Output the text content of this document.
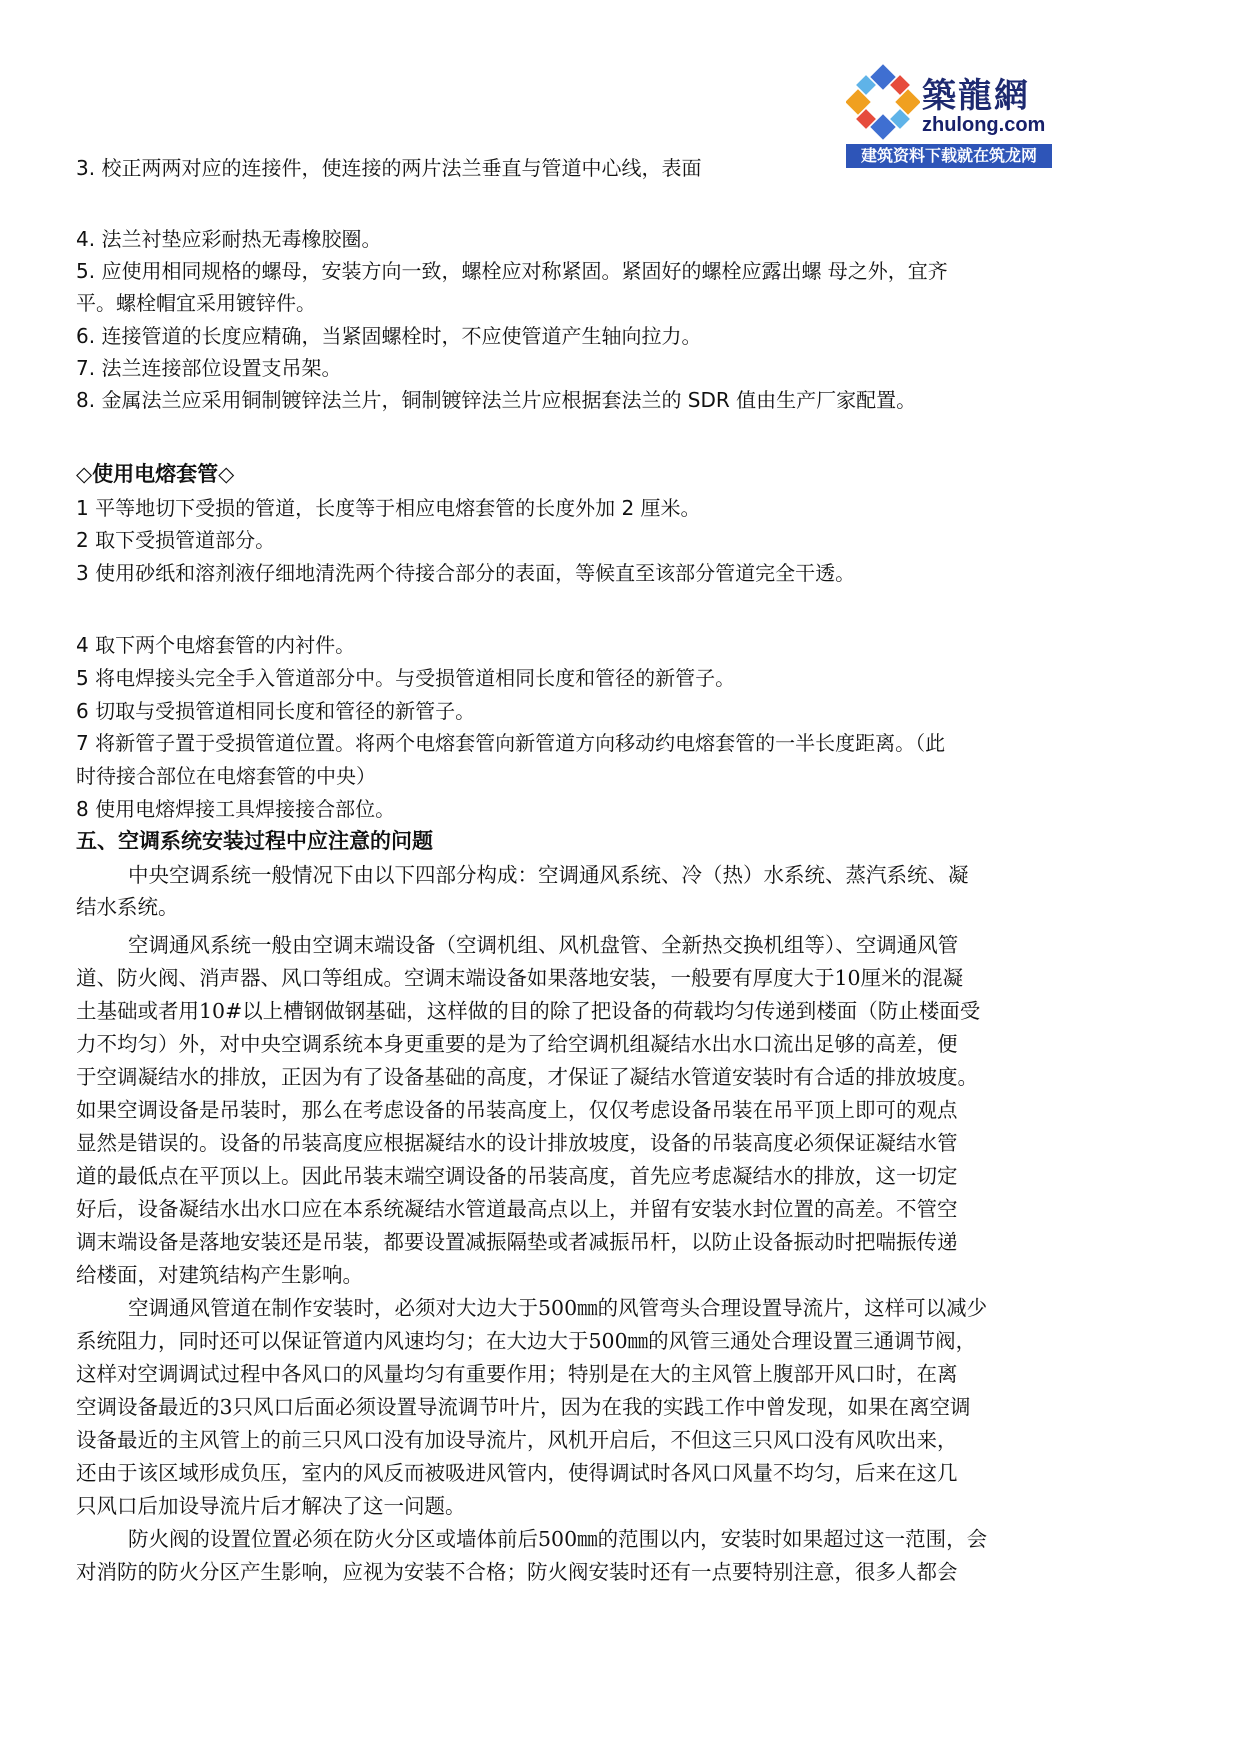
築龍網
zhulong.com
建筑资料下载就在筑龙网
3. 校正两两对应的连接件，使连接的两片法兰垂直与管道中心线，表面
4. 法兰衬垫应彩耐热无毒橡胶圈。
5. 应使用相同规格的螺母，安装方向一致，螺栓应对称紧固。紧固好的螺栓应露出螺 母之外，宜齐
平。螺栓帽宜采用镀锌件。
6. 连接管道的长度应精确，当紧固螺栓时，不应使管道产生轴向拉力。
7. 法兰连接部位设置支吊架。
8. 金属法兰应采用铜制镀锌法兰片，铜制镀锌法兰片应根据套法兰的 SDR 值由生产厂家配置。
◇使用电熔套管◇
1 平等地切下受损的管道，长度等于相应电熔套管的长度外加 2 厘米。
2 取下受损管道部分。
3 使用砂纸和溶剂液仔细地清洗两个待接合部分的表面，等候直至该部分管道完全干透。
4 取下两个电熔套管的内衬件。
5 将电焊接头完全手入管道部分中。与受损管道相同长度和管径的新管子。
6 切取与受损管道相同长度和管径的新管子。
7 将新管子置于受损管道位置。将两个电熔套管向新管道方向移动约电熔套管的一半长度距离。（此
时待接合部位在电熔套管的中央）
8 使用电熔焊接工具焊接接合部位。
五、空调系统安装过程中应注意的问题
中央空调系统一般情况下由以下四部分构成：空调通风系统、冷（热）水系统、蒸汽系统、凝
结水系统。
空调通风系统一般由空调末端设备（空调机组、风机盘管、全新热交换机组等）、空调通风管
道、防火阀、消声器、风口等组成。空调末端设备如果落地安装，一般要有厚度大于10厘米的混凝
土基础或者用10#以上槽钢做钢基础，这样做的目的除了把设备的荷载均匀传递到楼面（防止楼面受
力不均匀）外，对中央空调系统本身更重要的是为了给空调机组凝结水出水口流出足够的高差，便
于空调凝结水的排放，正因为有了设备基础的高度，才保证了凝结水管道安装时有合适的排放坡度。
如果空调设备是吊装时，那么在考虑设备的吊装高度上，仅仅考虑设备吊装在吊平顶上即可的观点
显然是错误的。设备的吊装高度应根据凝结水的设计排放坡度，设备的吊装高度必须保证凝结水管
道的最低点在平顶以上。因此吊装末端空调设备的吊装高度，首先应考虑凝结水的排放，这一切定
好后，设备凝结水出水口应在本系统凝结水管道最高点以上，并留有安装水封位置的高差。不管空
调末端设备是落地安装还是吊装，都要设置减振隔垫或者减振吊杆，以防止设备振动时把喘振传递
给楼面，对建筑结构产生影响。
空调通风管道在制作安装时，必须对大边大于500㎜的风管弯头合理设置导流片，这样可以减少
系统阻力，同时还可以保证管道内风速均匀；在大边大于500㎜的风管三通处合理设置三通调节阀，
这样对空调调试过程中各风口的风量均匀有重要作用；特别是在大的主风管上腹部开风口时，在离
空调设备最近的3只风口后面必须设置导流调节叶片，因为在我的实践工作中曾发现，如果在离空调
设备最近的主风管上的前三只风口没有加设导流片，风机开启后，不但这三只风口没有风吹出来，
还由于该区域形成负压，室内的风反而被吸进风管内，使得调试时各风口风量不均匀，后来在这几
只风口后加设导流片后才解决了这一问题。
防火阀的设置位置必须在防火分区或墙体前后500㎜的范围以内，安装时如果超过这一范围，会
对消防的防火分区产生影响，应视为安装不合格；防火阀安装时还有一点要特别注意，很多人都会
